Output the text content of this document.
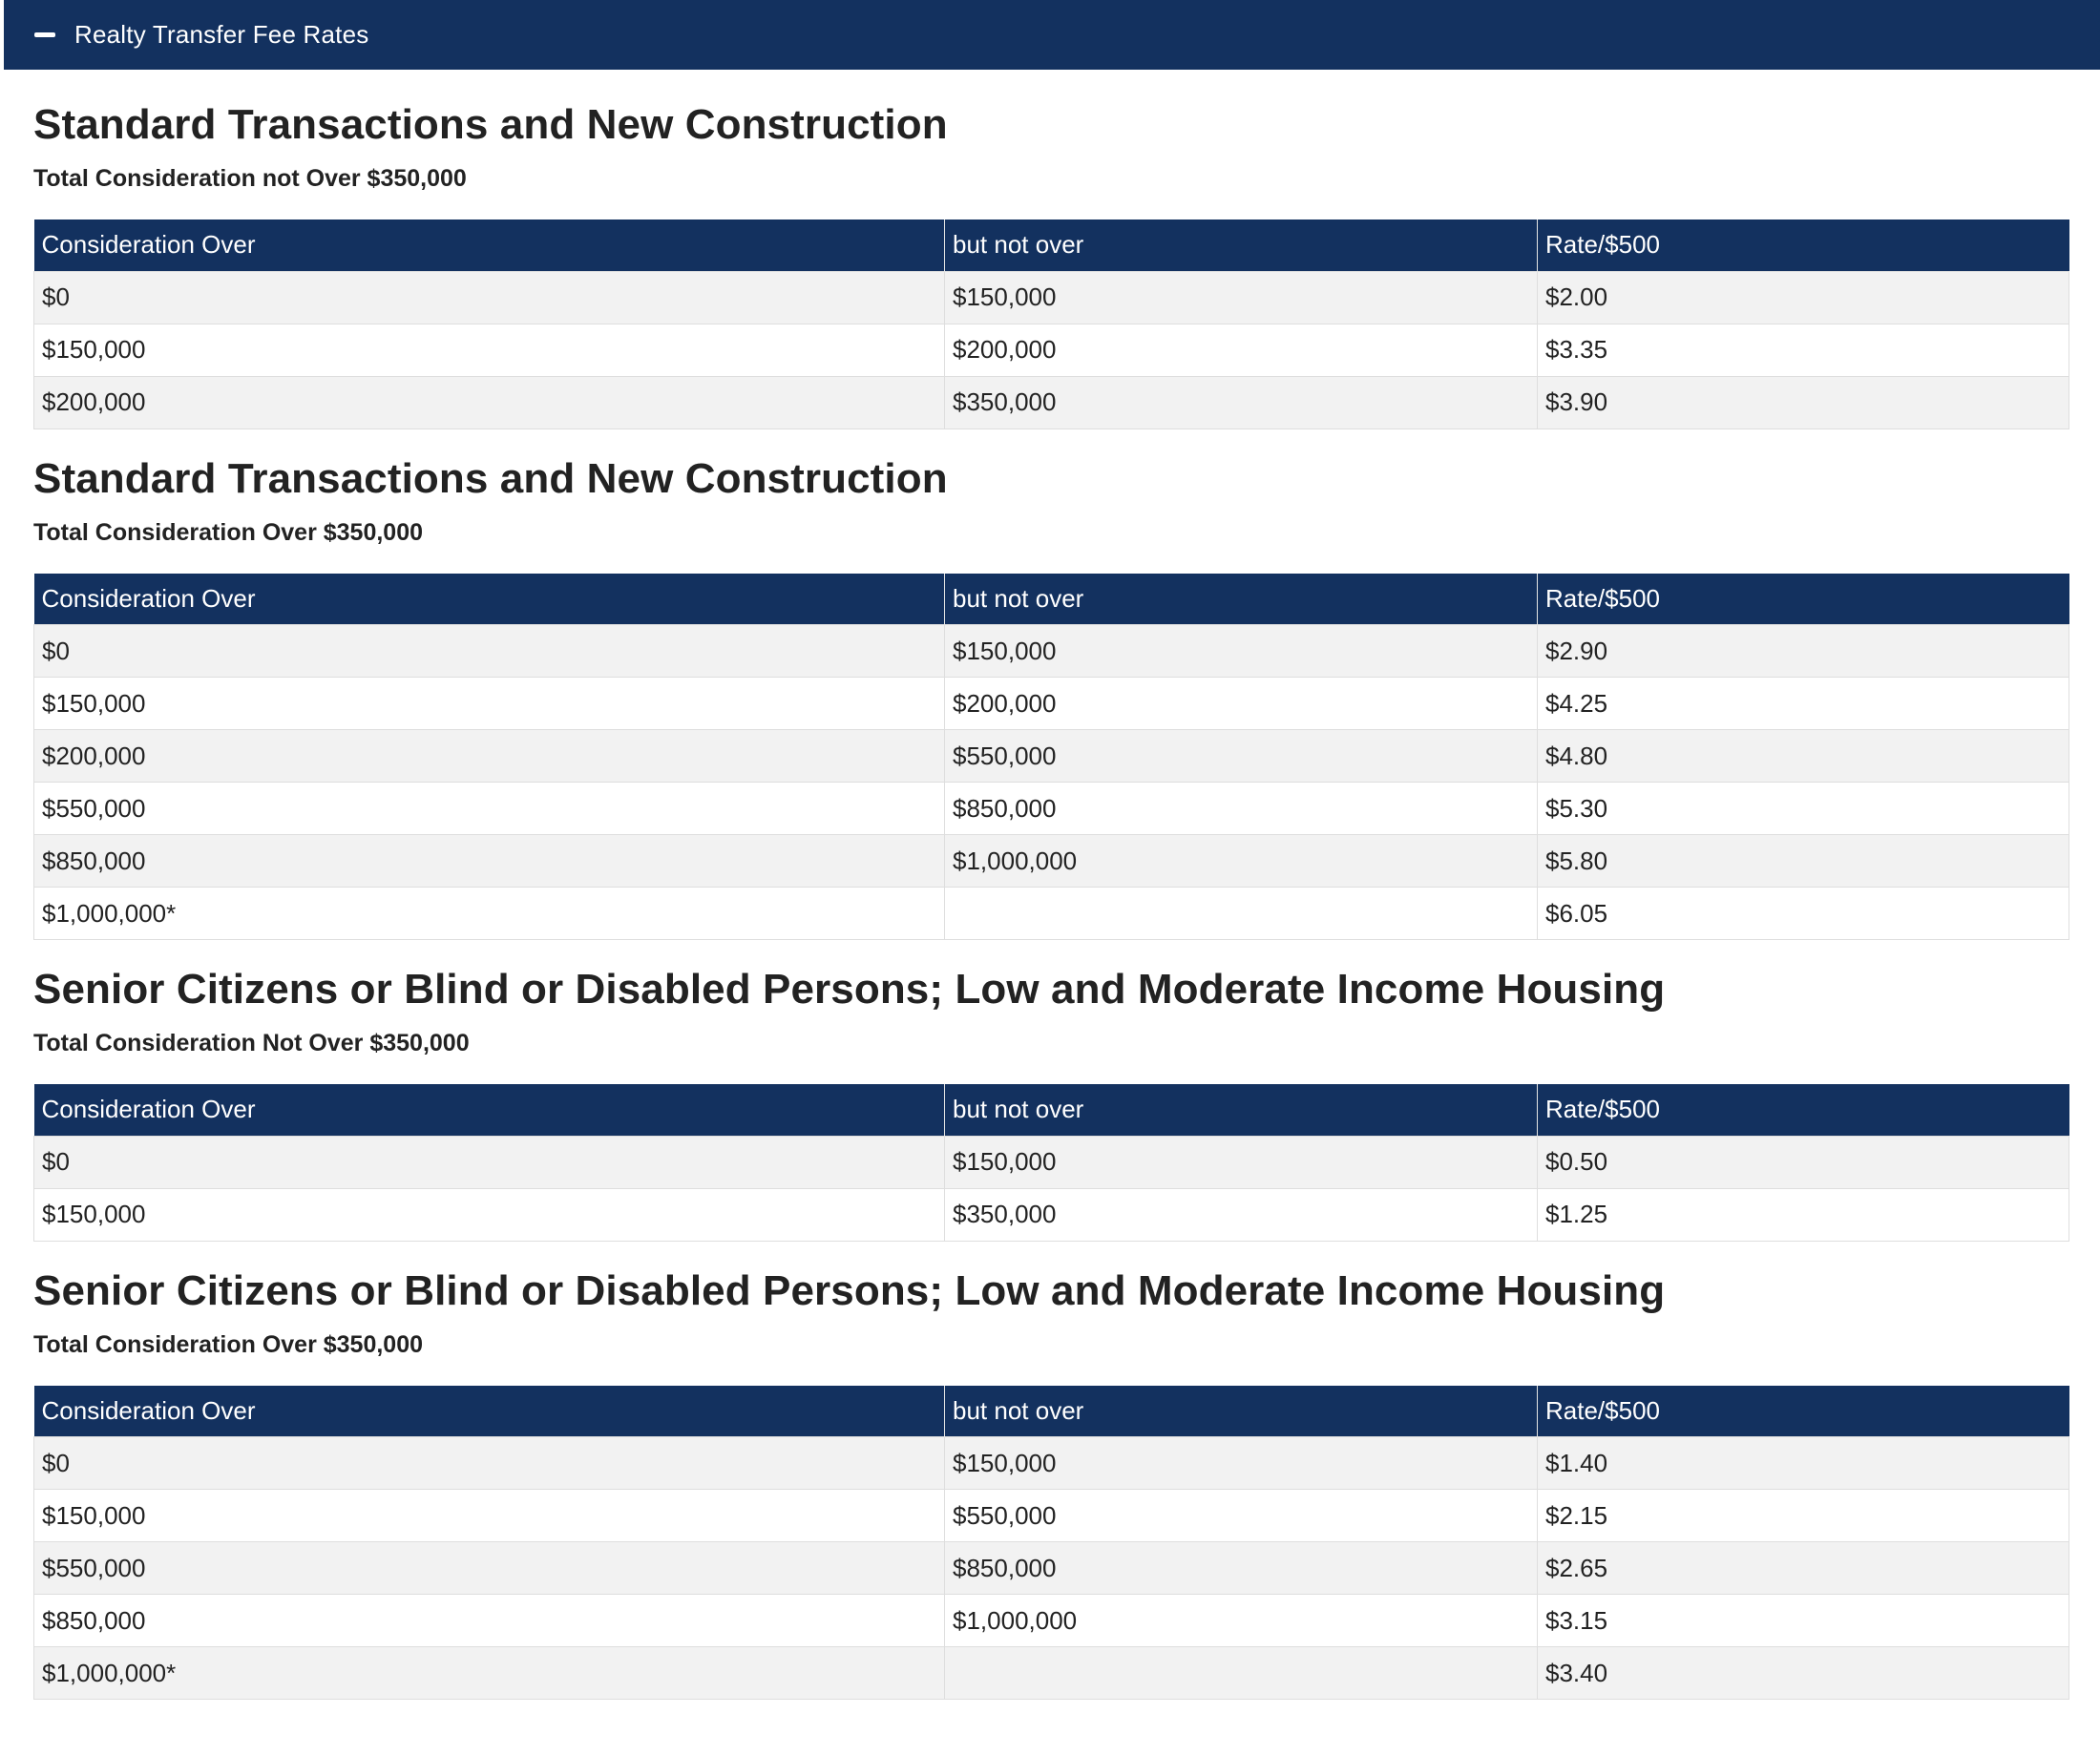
Realty Transfer Fee Rates
Standard Transactions and New Construction
Total Consideration not Over $350,000
Consideration Over	but not over	Rate/$500
$0	$150,000	$2.00
$150,000	$200,000	$3.35
$200,000	$350,000	$3.90
Standard Transactions and New Construction
Total Consideration Over $350,000
Consideration Over	but not over	Rate/$500
$0	$150,000	$2.90
$150,000	$200,000	$4.25
$200,000	$550,000	$4.80
$550,000	$850,000	$5.30
$850,000	$1,000,000	$5.80
$1,000,000*		$6.05
Senior Citizens or Blind or Disabled Persons; Low and Moderate Income Housing
Total Consideration Not Over $350,000
Consideration Over	but not over	Rate/$500
$0	$150,000	$0.50
$150,000	$350,000	$1.25
Senior Citizens or Blind or Disabled Persons; Low and Moderate Income Housing
Total Consideration Over $350,000
Consideration Over	but not over	Rate/$500
$0	$150,000	$1.40
$150,000	$550,000	$2.15
$550,000	$850,000	$2.65
$850,000	$1,000,000	$3.15
$1,000,000*		$3.40
